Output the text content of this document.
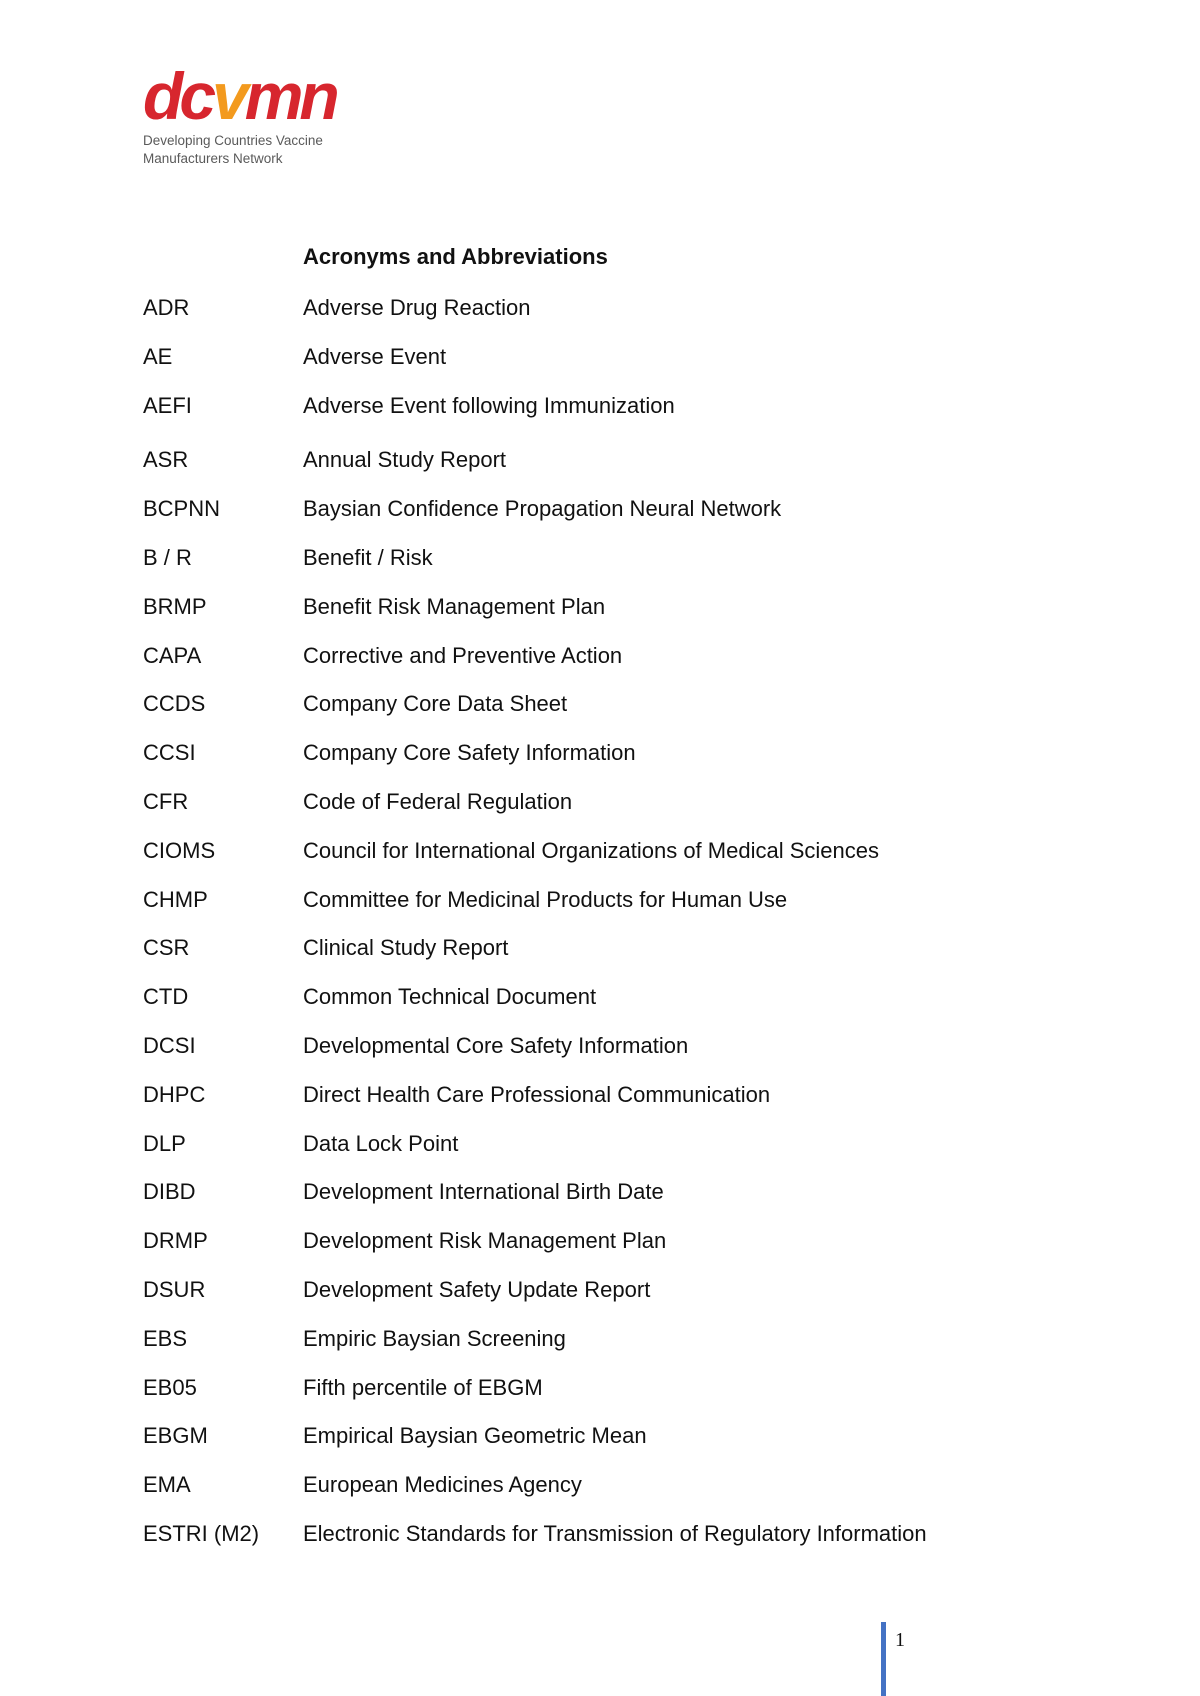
dcvmn
Developing Countries Vaccine
Manufacturers Network
Acronyms and Abbreviations
ADR	Adverse Drug Reaction
AE	Adverse Event
AEFI	Adverse Event following Immunization
ASR	Annual Study Report
BCPNN	Baysian Confidence Propagation Neural Network
B / R	Benefit / Risk
BRMP	Benefit Risk Management Plan
CAPA	Corrective and Preventive Action
CCDS	Company Core Data Sheet
CCSI	Company Core Safety Information
CFR	Code of Federal Regulation
CIOMS	Council for International Organizations of Medical Sciences
CHMP	Committee for Medicinal Products for Human Use
CSR	Clinical Study Report
CTD	Common Technical Document
DCSI	Developmental Core Safety Information
DHPC	Direct Health Care Professional Communication
DLP	Data Lock Point
DIBD	Development International Birth Date
DRMP	Development Risk Management Plan
DSUR	Development Safety Update Report
EBS	Empiric Baysian Screening
EB05	Fifth percentile of EBGM
EBGM	Empirical Baysian Geometric Mean
EMA	European Medicines Agency
ESTRI (M2)	Electronic Standards for Transmission of Regulatory Information
1
